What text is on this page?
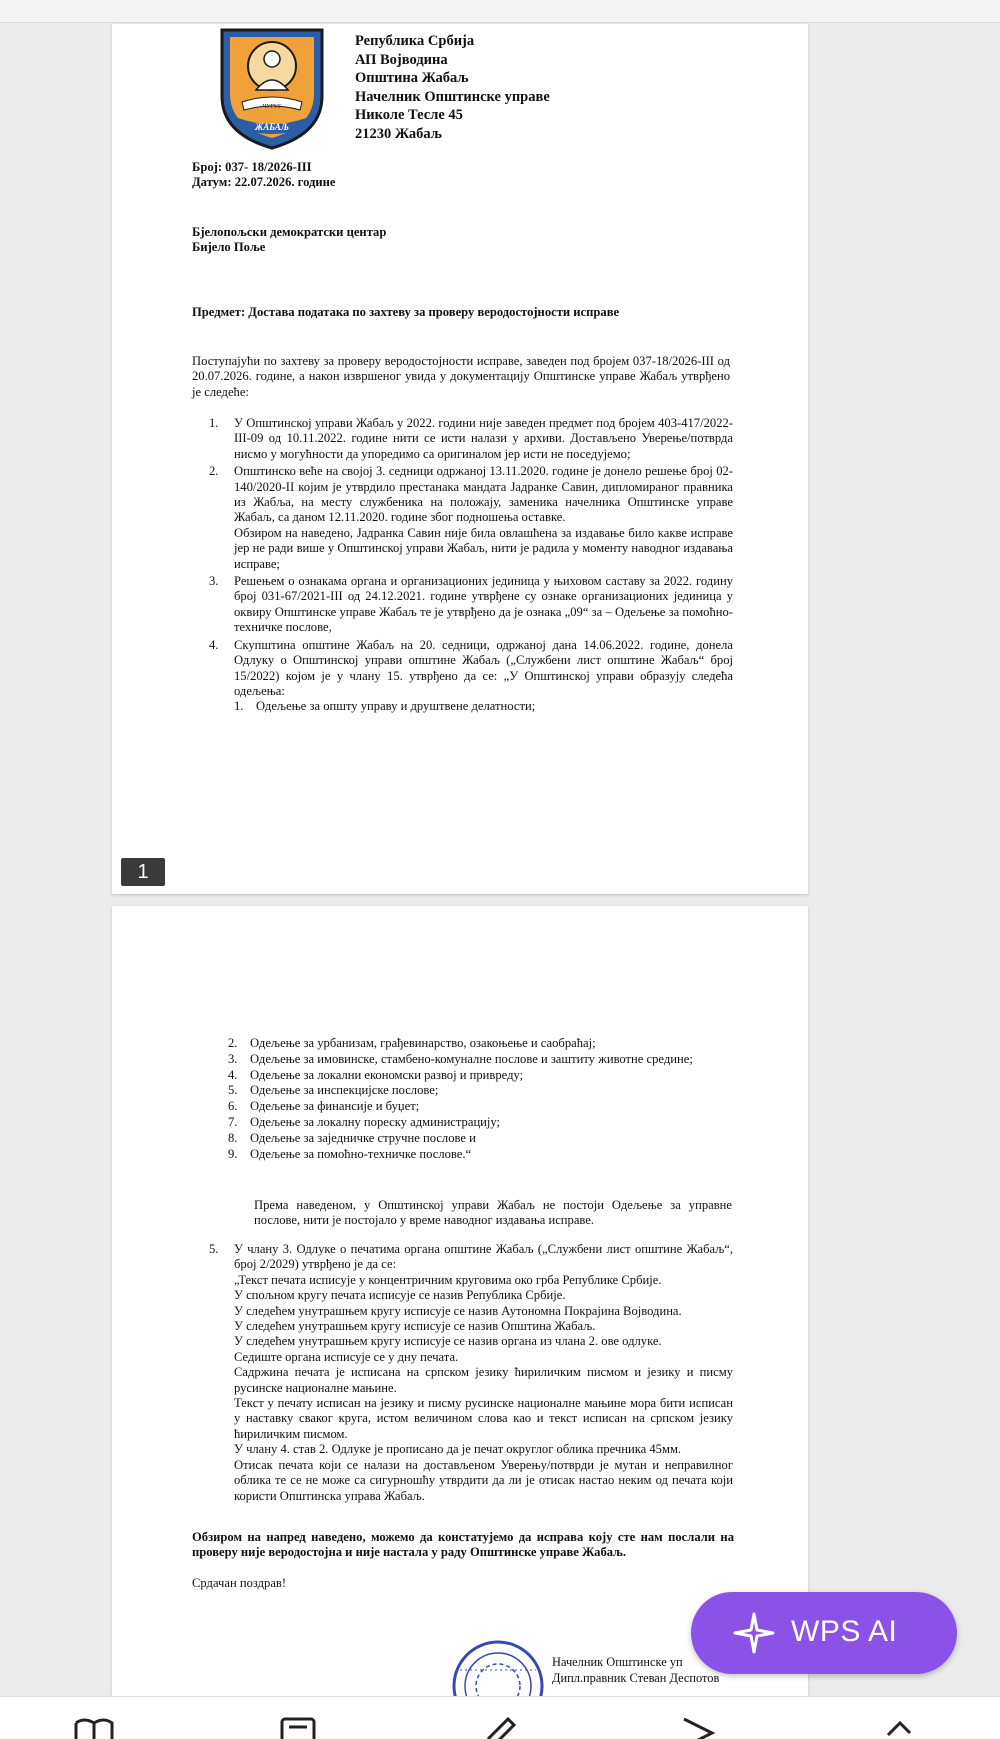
ЧУРУГ
ЖАБАЉ
Република Србија
АП Војводина
Општина Жабаљ
Начелник Општинске управе
Николе Тесле 45
21230 Жабаљ
Број: 037- 18/2026-III
Датум: 22.07.2026. године
Бјелопољски демократски центар
Бијело Поље
Предмет: Достава података по захтеву за проверу веродостојности исправе
Поступајући по захтеву за проверу веродостојности исправе, заведен под бројем 037-18/2026-III од 20.07.2026. године, а након извршеног увида у документацију Општинске управе Жабаљ утврђено је следеће:
1. У Општинској управи Жабаљ у 2022. години није заведен предмет под бројем 403-417/2022-III-09 од 10.11.2022. године нити се исти налази у архиви. Достављено Уверење/потврда нисмо у могућности да упоредимо са оригиналом јер исти не поседујемо;
2. Општинско веће на својој 3. седници одржаној 13.11.2020. године је донело решење број 02-140/2020-II којим је утврдило престанака мандата Јадранке Савин, дипломираног правника из Жабља, на месту службеника на положају, заменика начелника Општинске управе Жабаљ, са даном 12.11.2020. године због подношења оставке.
Обзиром на наведено, Јадранка Савин није била овлашћена за издавање било какве исправе јер не ради више у Општинској управи Жабаљ, нити је радила у моменту наводног издавања исправе;
3. Решењем о ознакама органа и организационих јединица у њиховом саставу за 2022. годину број 031-67/2021-III од 24.12.2021. године утврђене су ознаке организационих јединица у оквиру Општинске управе Жабаљ те је утврђено да је ознака „09“ за – Одељење за помоћно-техничке послове,
4. Скупштина општине Жабаљ на 20. седници, одржаној дана 14.06.2022. године, донела Одлуку о Општинској управи општине Жабаљ („Службени лист општине Жабаљ“ број 15/2022) којом је у члану 15. утврђено да се: „У Општинској управи образују следећа одељења:
1. Одељење за општу управу и друштвене делатности;
1
2. Одељење за урбанизам, грађевинарство, озакоњење и саобраћај;
3. Одељење за имовинске, стамбено-комуналне послове и заштиту животне средине;
4. Одељење за локални економски развој и привреду;
5. Одељење за инспекцијске послове;
6. Одељење за финансије и буџет;
7. Одељење за локалну пореску администрацију;
8. Одељење за заједничке стручне послове и
9. Одељење за помоћно-техничке послове.“
Према наведеном, у Општинској управи Жабаљ не постоји Одељење за управне послове, нити је постојало у време наводног издавања исправе.
5. У члану 3. Одлуке о печатима органа општине Жабаљ („Службени лист општине Жабаљ“, број 2/2029) утврђено је да се:
„Текст печата исписује у концентричним круговима око грба Републике Србије.
У спољном кругу печата исписује се назив Република Србије.
У следећем унутрашњем кругу исписује се назив Аутономна Покрајина Војводина.
У следећем унутрашњем кругу исписује се назив Општина Жабаљ.
У следећем унутрашњем кругу исписује се назив органа из члана 2. ове одлуке.
Седиште органа исписује се у дну печата.
Садржина печата је исписана на српском језику ћириличким писмом и језику и писму русинске националне мањине.
Текст у печату исписан на језику и писму русинске националне мањине мора бити исписан у наставку сваког круга, истом величином слова као и текст исписан на српском језику ћириличким писмом.
У члану 4. став 2. Одлуке је прописано да је печат округлог облика пречника 45мм.
Отисак печата који се налази на достављеном Уверењу/потврди је мутан и неправилног облика те се не може са сигурношћу утврдити да ли је отисак настао неким од печата који користи Општинска управа Жабаљ.
Обзиром на напред наведено, можемо да констатујемо да исправа коју сте нам послали на проверу није веродостојна и није настала у раду Општинске управе Жабаљ.
Срдачан поздрав!
Начелник Општинске уп
Дипл.правник Стеван Деспотов
WPS AI
